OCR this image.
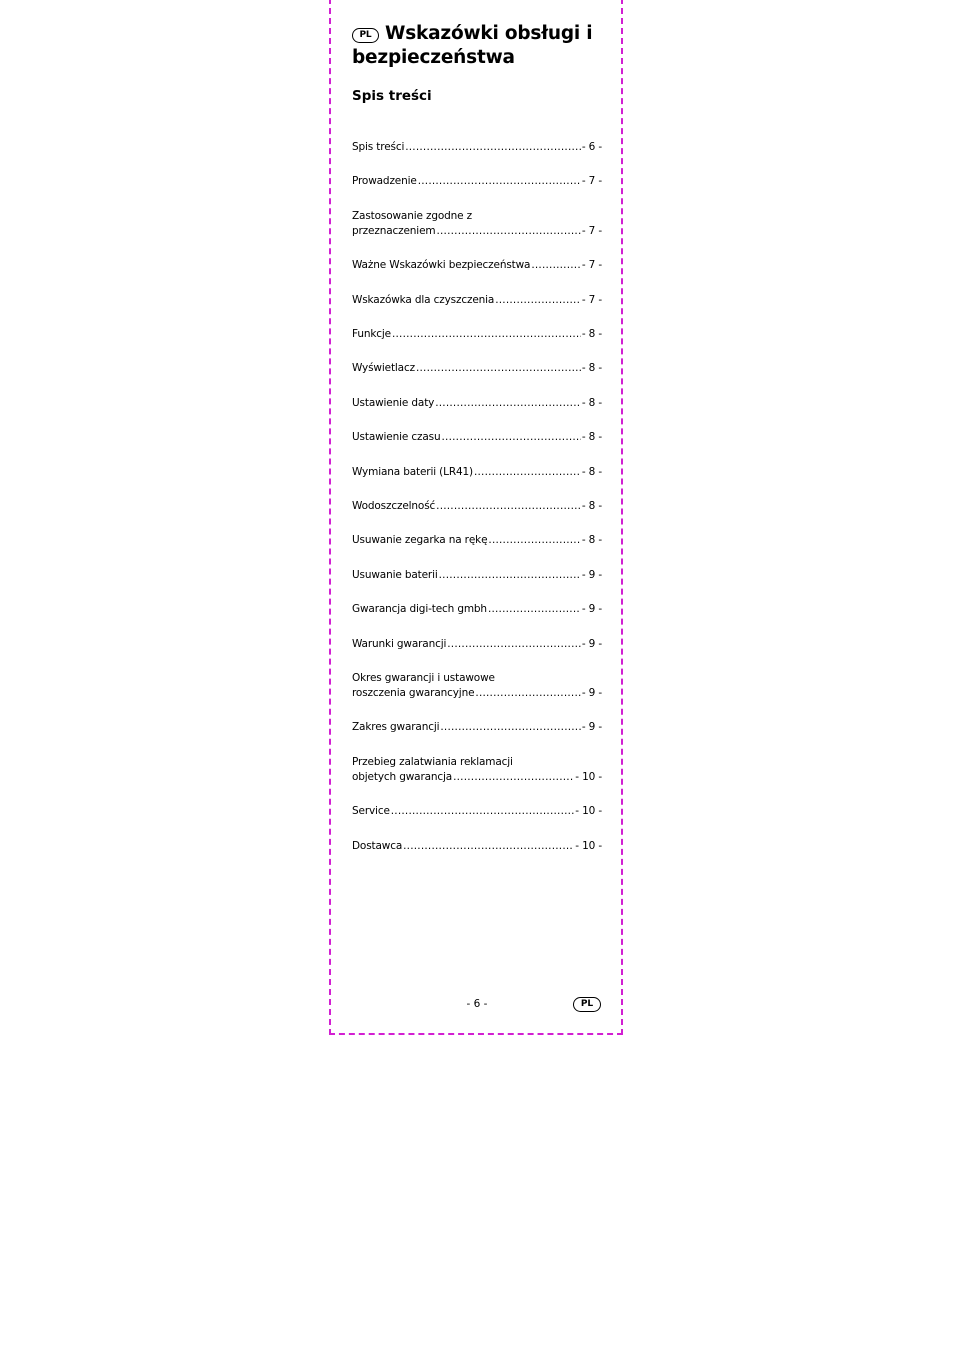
PL Wskazówki obsługi i bezpieczeństwa
Spis treści
Spis treści .....	- 6 -
Prowadzenie .....	- 7 -
Zastosowanie zgodne z
przeznaczeniem .....	- 7 -
Ważne Wskazówki bezpieczeństwa .....	- 7 -
Wskazówka dla czyszczenia .....	- 7 -
Funkcje .....	- 8 -
Wyświetlacz .....	- 8 -
Ustawienie daty .....	- 8 -
Ustawienie czasu .....	- 8 -
Wymiana baterii (LR41) .....	- 8 -
Wodoszczelność .....	- 8 -
Usuwanie zegarka na rękę .....	- 8 -
Usuwanie baterii .....	- 9 -
Gwarancja digi-tech gmbh .....	- 9 -
Warunki gwarancji .....	- 9 -
Okres gwarancji i ustawowe
roszczenia gwarancyjne .....	- 9 -
Zakres gwarancji .....	- 9 -
Przebieg zalatwiania reklamacji
objetych gwarancja .....	- 10 -
Service .....	- 10 -
Dostawca .....	- 10 -
- 6 -	PL
